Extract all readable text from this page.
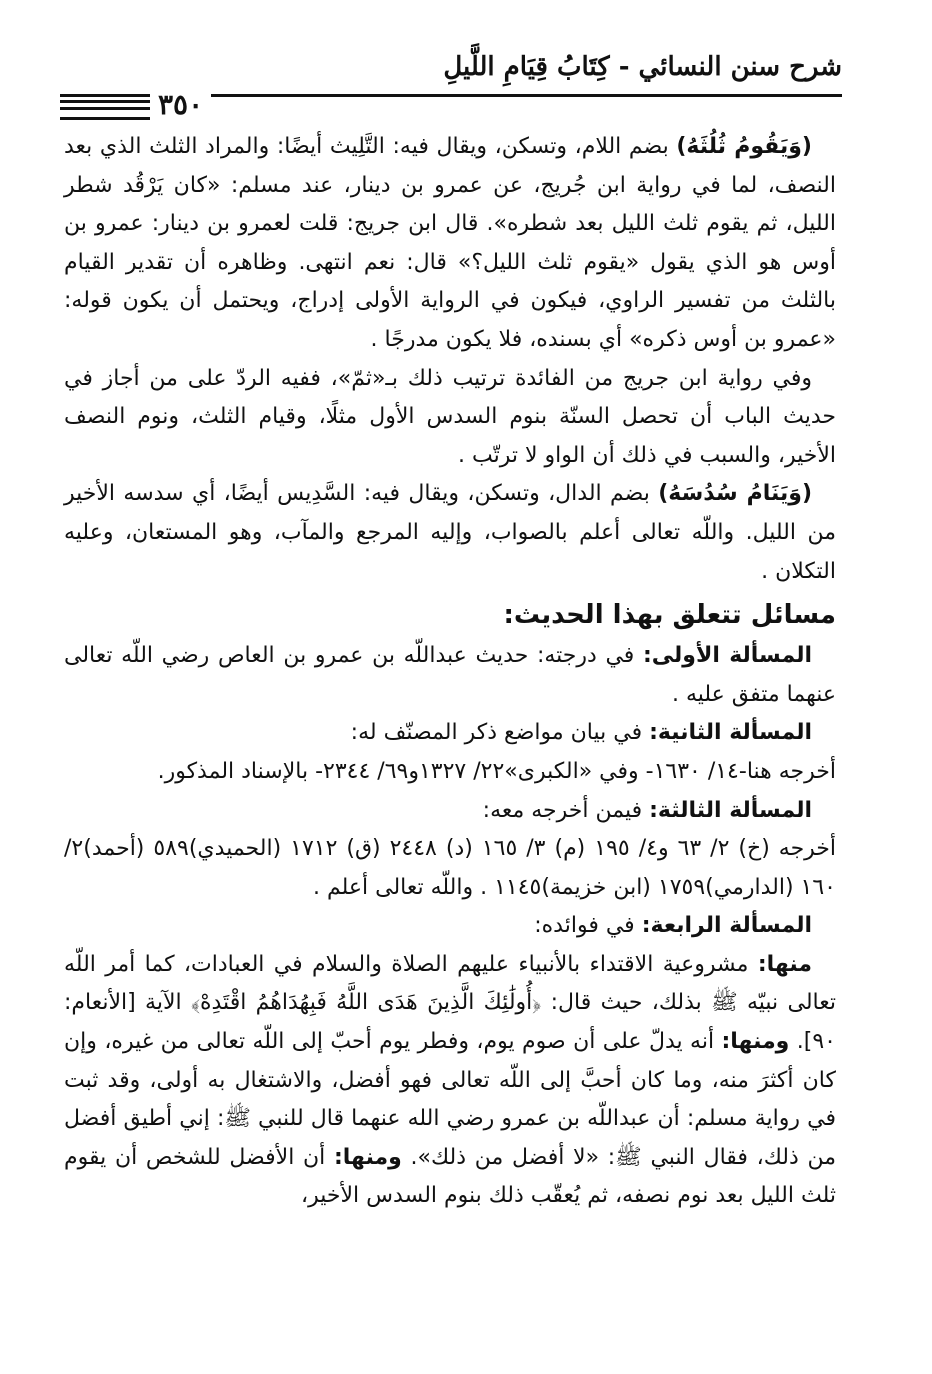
شرح سنن النسائي - كِتَابُ قِيَامِ اللَّيلِ
٣٥٠

(وَيَقُومُ ثُلُثَهُ) بضم اللام، وتسكن، ويقال فيه: التَّلِيث أيضًا: والمراد الثلث الذي بعد النصف، لما في رواية ابن جُريج، عن عمرو بن دينار، عند مسلم: «كان يَرْقُد شطر الليل، ثم يقوم ثلث الليل بعد شطره». قال ابن جريج: قلت لعمرو بن دينار: عمرو بن أوس هو الذي يقول «يقوم ثلث الليل؟» قال: نعم انتهى. وظاهره أن تقدير القيام بالثلث من تفسير الراوي، فيكون في الرواية الأولى إدراج، ويحتمل أن يكون قوله: «عمرو بن أوس ذكره» أي بسنده، فلا يكون مدرجًا .

وفي رواية ابن جريج من الفائدة ترتيب ذلك بـ«ثمّ»، ففيه الردّ على من أجاز في حديث الباب أن تحصل السنّة بنوم السدس الأول مثلًا، وقيام الثلث، ونوم النصف الأخير، والسبب في ذلك أن الواو لا ترتّب .

(وَيَنَامُ سُدُسَهُ) بضم الدال، وتسكن، ويقال فيه: السَّدِيس أيضًا، أي سدسه الأخير من الليل. واللّه تعالى أعلم بالصواب، وإليه المرجع والمآب، وهو المستعان، وعليه التكلان .

مسائل تتعلق بهذا الحديث:

المسألة الأولى: في درجته: حديث عبداللّه بن عمرو بن العاص رضي اللّه تعالى عنهما متفق عليه .

المسألة الثانية: في بيان مواضع ذكر المصنّف له:

أخرجه هنا-١٤/ ١٦٣٠- وفي «الكبرى»٢٢/ ١٣٢٧و٦٩/ ٢٣٤٤- بالإسناد المذكور.

المسألة الثالثة: فيمن أخرجه معه:

أخرجه (خ) ٢/ ٦٣ و٤/ ١٩٥ (م) ٣/ ١٦٥ (د) ٢٤٤٨ (ق) ١٧١٢ (الحميدي)٥٨٩ (أحمد)٢/ ١٦٠ (الدارمي)١٧٥٩ (ابن خزيمة)١١٤٥ . واللّه تعالى أعلم .

المسألة الرابعة: في فوائده:

منها: مشروعية الاقتداء بالأنبياء عليهم الصلاة والسلام في العبادات، كما أمر اللّه تعالى نبيّه ﷺ بذلك، حيث قال: ﴿أُولَٰئِكَ الَّذِينَ هَدَى اللَّهُ فَبِهُدَاهُمُ اقْتَدِهْ﴾ الآية [الأنعام: ٩٠]. ومنها: أنه يدلّ على أن صوم يوم، وفطر يوم أحبّ إلى اللّه تعالى من غيره، وإن كان أكثرَ منه، وما كان أحبَّ إلى اللّه تعالى فهو أفضل، والاشتغال به أولى، وقد ثبت في رواية مسلم: أن عبداللّه بن عمرو رضي الله عنهما قال للنبي ﷺ: إني أطيق أفضل من ذلك، فقال النبي ﷺ: «لا أفضل من ذلك». ومنها: أن الأفضل للشخص أن يقوم ثلث الليل بعد نوم نصفه، ثم يُعقّب ذلك بنوم السدس الأخير،
